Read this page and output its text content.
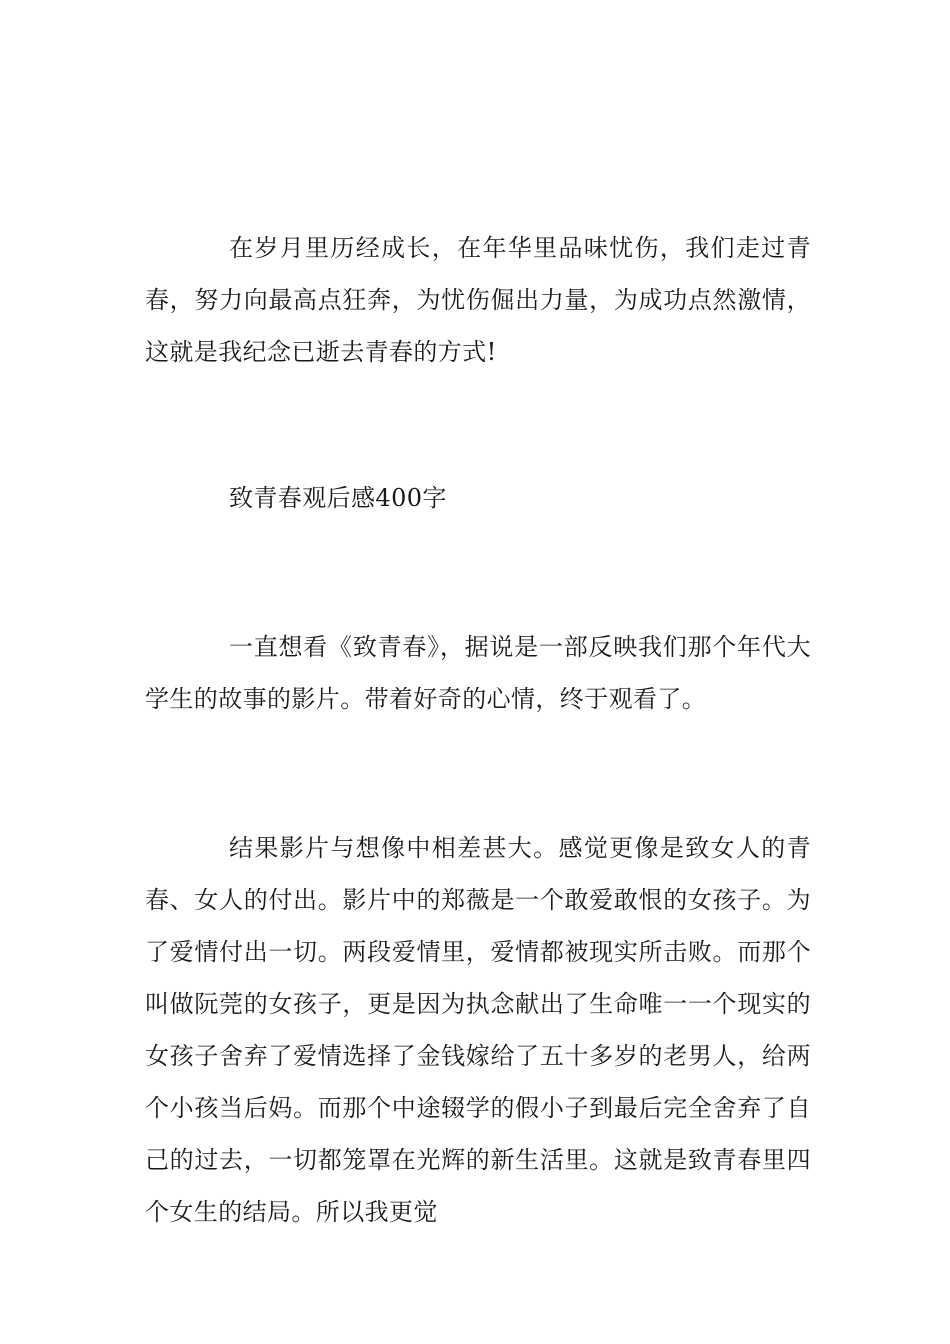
在岁月里历经成长，在年华里品味忧伤，我们走过青春，努力向最高点狂奔，为忧伤倔出力量，为成功点然激情，这就是我纪念已逝去青春的方式!

致青春观后感400字

一直想看《致青春》，据说是一部反映我们那个年代大学生的故事的影片。带着好奇的心情，终于观看了。

结果影片与想像中相差甚大。感觉更像是致女人的青春、女人的付出。影片中的郑薇是一个敢爱敢恨的女孩子。为了爱情付出一切。两段爱情里，爱情都被现实所击败。而那个叫做阮莞的女孩子，更是因为执念献出了生命唯一一个现实的女孩子舍弃了爱情选择了金钱嫁给了五十多岁的老男人，给两个小孩当后妈。而那个中途辍学的假小子到最后完全舍弃了自己的过去，一切都笼罩在光辉的新生活里。这就是致青春里四个女生的结局。所以我更觉
